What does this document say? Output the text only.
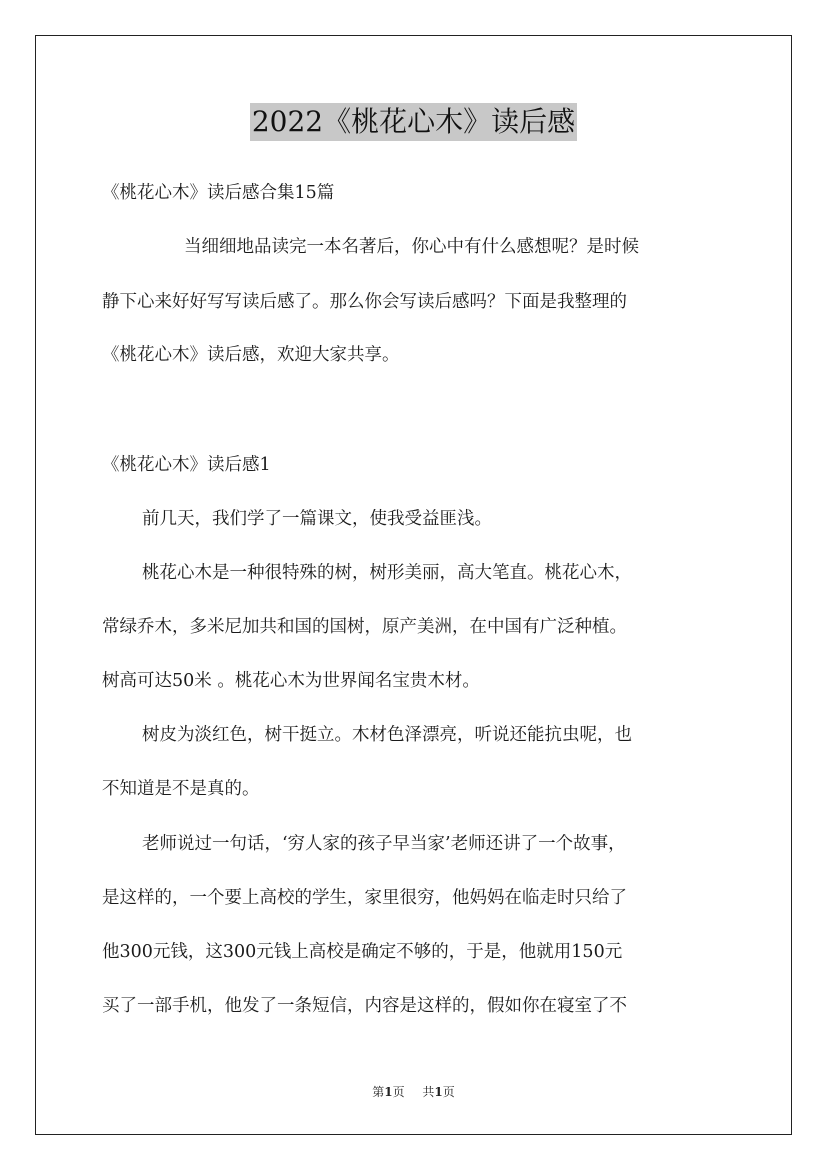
2022《桃花心木》读后感
《桃花心木》读后感合集15篇
当细细地品读完一本名著后，你心中有什么感想呢？是时候
静下心来好好写写读后感了。那么你会写读后感吗？下面是我整理的
《桃花心木》读后感，欢迎大家共享。
《桃花心木》读后感1
前几天，我们学了一篇课文，使我受益匪浅。
桃花心木是一种很特殊的树，树形美丽，高大笔直。桃花心木，
常绿乔木，多米尼加共和国的国树，原产美洲，在中国有广泛种植。
树高可达50米 。桃花心木为世界闻名宝贵木材。
树皮为淡红色，树干挺立。木材色泽漂亮，听说还能抗虫呢，也
不知道是不是真的。
老师说过一句话，‘穷人家的孩子早当家’老师还讲了一个故事，
是这样的，一个要上高校的学生，家里很穷，他妈妈在临走时只给了
他300元钱，这300元钱上高校是确定不够的，于是，他就用150元
买了一部手机，他发了一条短信，内容是这样的，假如你在寝室了不
第1页 共1页
